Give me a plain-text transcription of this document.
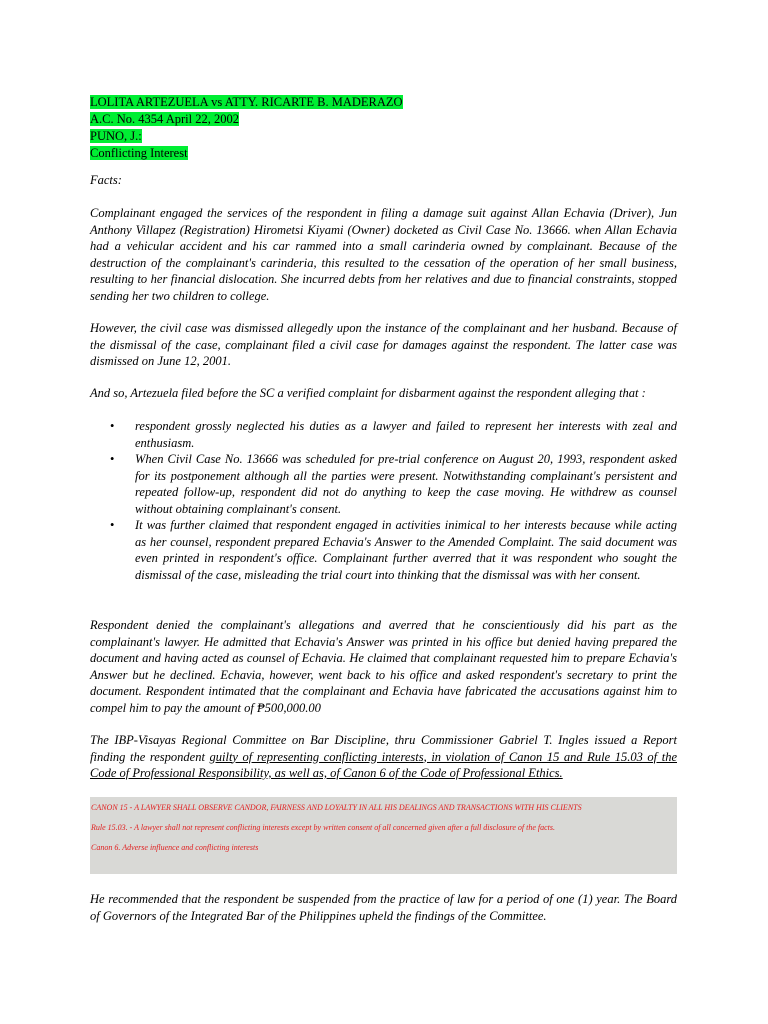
LOLITA ARTEZUELA vs ATTY. RICARTE B. MADERAZO
A.C. No. 4354 April 22, 2002
PUNO, J.:
Conflicting Interest
Facts:
Complainant engaged the services of the respondent in filing a damage suit against Allan Echavia (Driver), Jun Anthony Villapez (Registration) Hirometsi Kiyami (Owner) docketed as Civil Case No. 13666. when Allan Echavia had a vehicular accident and his car rammed into a small carinderia owned by complainant. Because of the destruction of the complainant's carinderia, this resulted to the cessation of the operation of her small business, resulting to her financial dislocation. She incurred debts from her relatives and due to financial constraints, stopped sending her two children to college.
However, the civil case was dismissed allegedly upon the instance of the complainant and her husband. Because of the dismissal of the case, complainant filed a civil case for damages against the respondent. The latter case was dismissed on June 12, 2001.
And so, Artezuela filed before the SC a verified complaint for disbarment against the respondent alleging that :
• respondent grossly neglected his duties as a lawyer and failed to represent her interests with zeal and enthusiasm.
• When Civil Case No. 13666 was scheduled for pre-trial conference on August 20, 1993, respondent asked for its postponement although all the parties were present. Notwithstanding complainant's persistent and repeated follow-up, respondent did not do anything to keep the case moving. He withdrew as counsel without obtaining complainant's consent.
• It was further claimed that respondent engaged in activities inimical to her interests because while acting as her counsel, respondent prepared Echavia's Answer to the Amended Complaint. The said document was even printed in respondent's office. Complainant further averred that it was respondent who sought the dismissal of the case, misleading the trial court into thinking that the dismissal was with her consent.
Respondent denied the complainant's allegations and averred that he conscientiously did his part as the complainant's lawyer. He admitted that Echavia's Answer was printed in his office but denied having prepared the document and having acted as counsel of Echavia. He claimed that complainant requested him to prepare Echavia's Answer but he declined. Echavia, however, went back to his office and asked respondent's secretary to print the document. Respondent intimated that the complainant and Echavia have fabricated the accusations against him to compel him to pay the amount of ₱500,000.00
The IBP-Visayas Regional Committee on Bar Discipline, thru Commissioner Gabriel T. Ingles issued a Report finding the respondent guilty of representing conflicting interests, in violation of Canon 15 and Rule 15.03 of the Code of Professional Responsibility, as well as, of Canon 6 of the Code of Professional Ethics.
CANON 15 - A LAWYER SHALL OBSERVE CANDOR, FAIRNESS AND LOYALTY IN ALL HIS DEALINGS AND TRANSACTIONS WITH HIS CLIENTS
Rule 15.03. - A lawyer shall not represent conflicting interests except by written consent of all concerned given after a full disclosure of the facts.
Canon 6. Adverse influence and conflicting interests
He recommended that the respondent be suspended from the practice of law for a period of one (1) year. The Board of Governors of the Integrated Bar of the Philippines upheld the findings of the Committee.
